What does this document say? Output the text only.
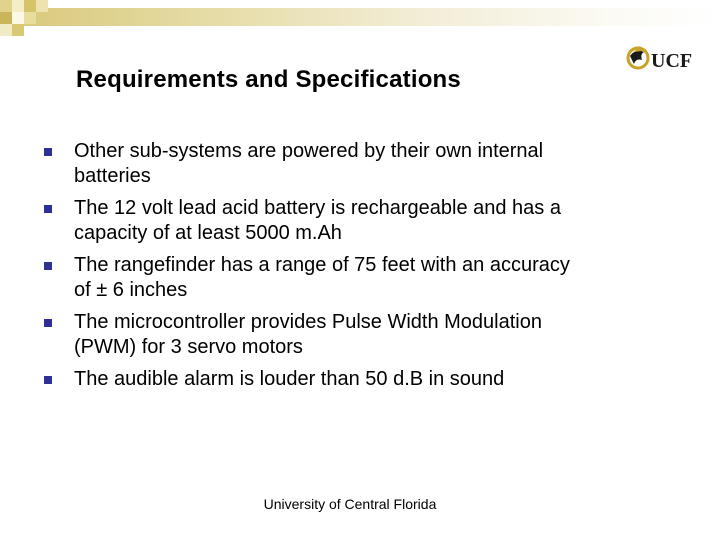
UCF
Requirements and Specifications
Other sub-systems are powered by their own internal
batteries
The 12 volt lead acid battery is rechargeable and has a
capacity of at least 5000 m.Ah
The rangefinder has a range of 75 feet with an accuracy
of ± 6 inches
The microcontroller provides Pulse Width Modulation
(PWM) for 3 servo motors
The audible alarm is louder than 50 d.B in sound
University of Central Florida
